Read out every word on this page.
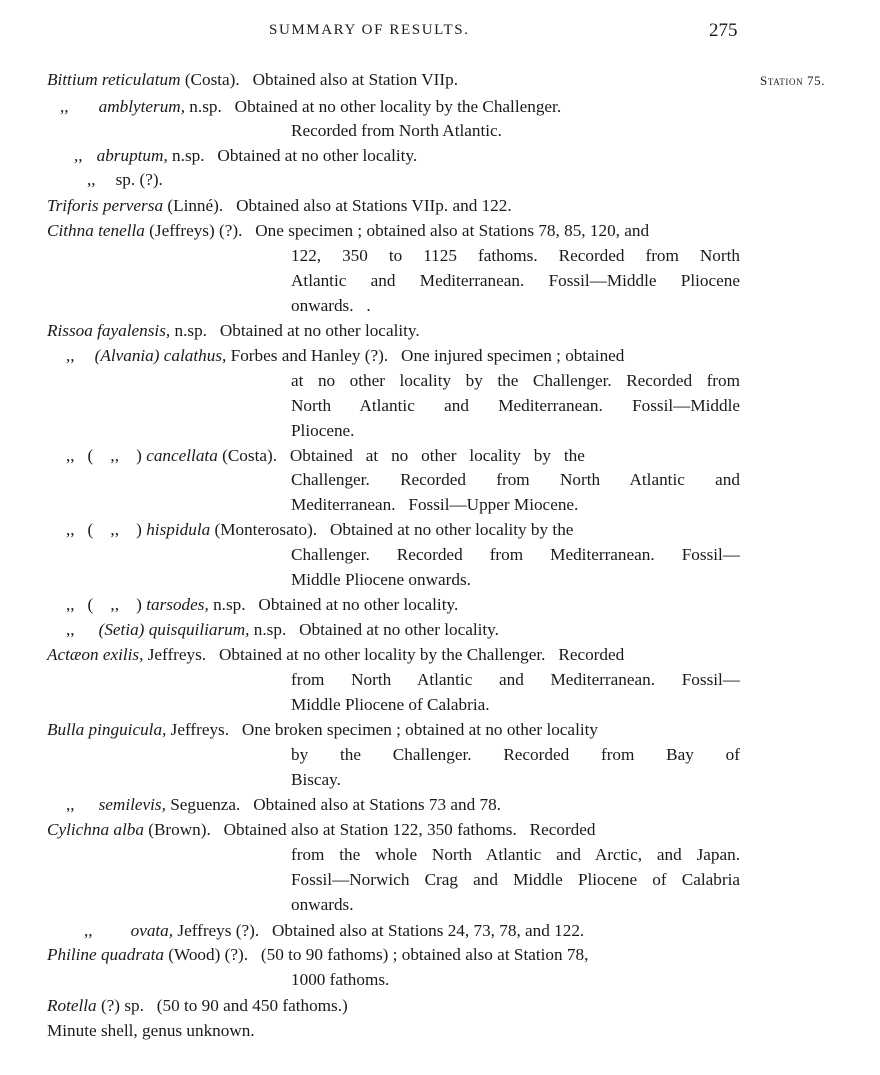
SUMMARY OF RESULTS.	275
Station 75.
Bittium reticulatum (Costa).   Obtained also at Station VIIp.
,, amblyterum, n.sp.   Obtained at no other locality by the Challenger.
Recorded from North Atlantic.
,, abruptum, n.sp.   Obtained at no other locality.
,, sp. (?).
Triforis perversa (Linné).   Obtained also at Stations VIIp. and 122.
Cithna tenella (Jeffreys) (?).   One specimen ; obtained also at Stations 78, 85, 120, and
122, 350 to 1125 fathoms. Recorded from North
Atlantic and Mediterranean. Fossil—Middle Pliocene
onwards.   .
Rissoa fayalensis, n.sp.   Obtained at no other locality.
,, (Alvania) calathus, Forbes and Hanley (?).   One injured specimen ; obtained
at no other locality by the Challenger. Recorded from
North Atlantic and Mediterranean. Fossil—Middle
Pliocene.
,,   (    ,,    ) cancellata (Costa).   Obtained   at   no   other   locality   by   the
Challenger. Recorded from North Atlantic and
Mediterranean.   Fossil—Upper Miocene.
,,   (    ,,    ) hispidula (Monterosato).   Obtained at no other locality by the
Challenger. Recorded from Mediterranean. Fossil—
Middle Pliocene onwards.
,,   (    ,,    ) tarsodes, n.sp.   Obtained at no other locality.
,, (Setia) quisquiliarum, n.sp.   Obtained at no other locality.
Actæon exilis, Jeffreys.   Obtained at no other locality by the Challenger.   Recorded
from North Atlantic and Mediterranean. Fossil—
Middle Pliocene of Calabria.
Bulla pinguicula, Jeffreys.   One broken specimen ; obtained at no other locality
by the Challenger. Recorded from Bay of
Biscay.
,, semilevis, Seguenza.   Obtained also at Stations 73 and 78.
Cylichna alba (Brown).   Obtained also at Station 122, 350 fathoms.   Recorded
from the whole North Atlantic and Arctic, and Japan.
Fossil—Norwich Crag and Middle Pliocene of Calabria
onwards.
,, ovata, Jeffreys (?).   Obtained also at Stations 24, 73, 78, and 122.
Philine quadrata (Wood) (?).   (50 to 90 fathoms) ; obtained also at Station 78,
1000 fathoms.
Rotella (?) sp.   (50 to 90 and 450 fathoms.)
Minute shell, genus unknown.
